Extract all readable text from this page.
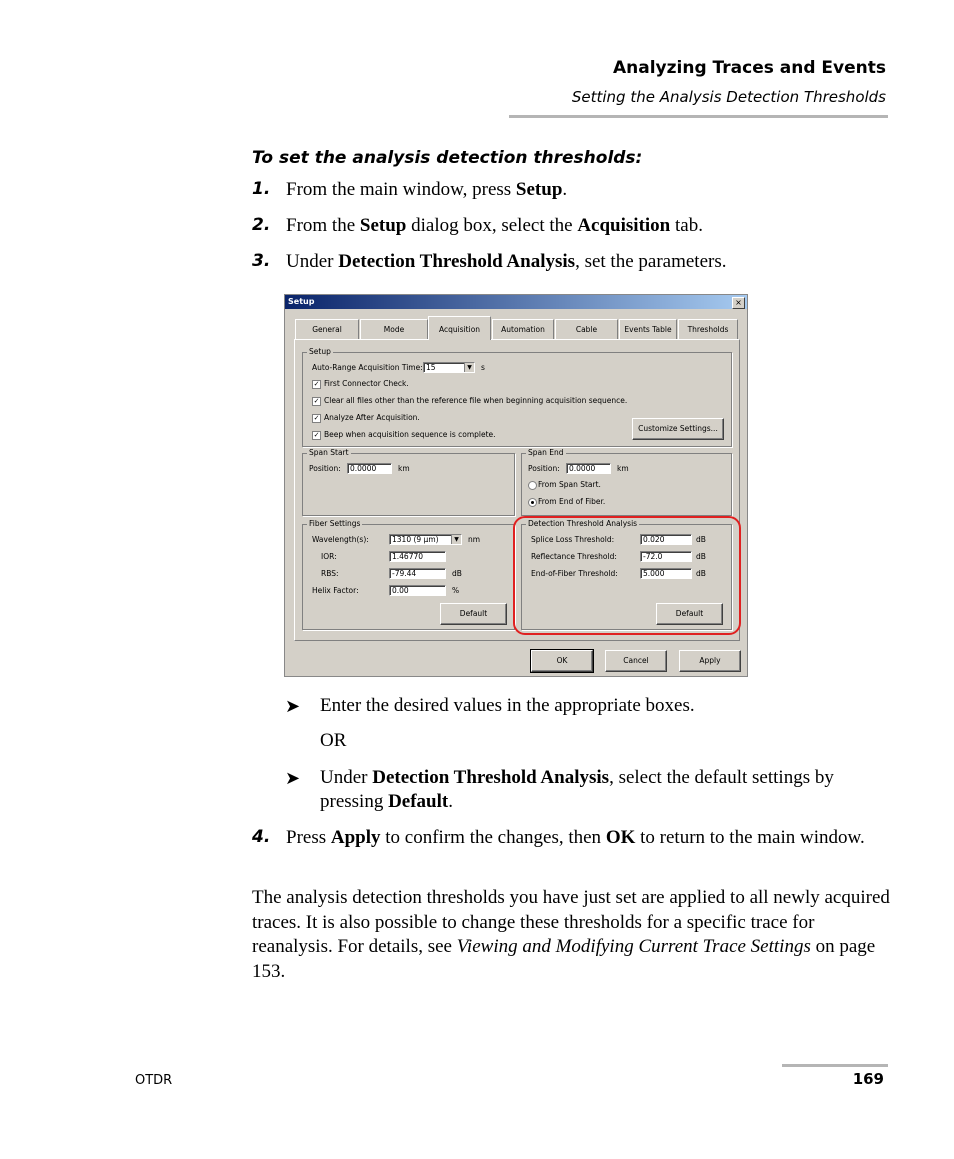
Analyzing Traces and Events
Setting the Analysis Detection Thresholds
To set the analysis detection thresholds:
1. From the main window, press Setup.
2. From the Setup dialog box, select the Acquisition tab.
3. Under Detection Threshold Analysis, set the parameters.
Setup	×
General	Mode	Acquisition	Automation	Cable	Events Table	Thresholds
Setup
Auto-Range Acquisition Time: 15	▼ s
✓ First Connector Check.
✓ Clear all files other than the reference file when beginning acquisition sequence.
✓ Analyze After Acquisition.
✓ Beep when acquisition sequence is complete.
Customize Settings...
Span Start
Position:	0.0000	km
Span End
Position:	0.0000	km
From Span Start.
From End of Fiber.
Fiber Settings
Wavelength(s):	1310 (9 µm)	▼ nm
IOR:	1.46770
RBS:	-79.44	dB
Helix Factor:	0.00	%
Default
Detection Threshold Analysis
Splice Loss Threshold:	0.020	dB
Reflectance Threshold:	-72.0	dB
End-of-Fiber Threshold:	5.000	dB
Default
OK	Cancel	Apply
➤ Enter the desired values in the appropriate boxes.
OR
➤ Under Detection Threshold Analysis, select the default settings by pressing Default.
4. Press Apply to confirm the changes, then OK to return to the main window.
The analysis detection thresholds you have just set are applied to all newly acquired traces. It is also possible to change these thresholds for a specific trace for reanalysis. For details, see Viewing and Modifying Current Trace Settings on page 153.
OTDR	169
